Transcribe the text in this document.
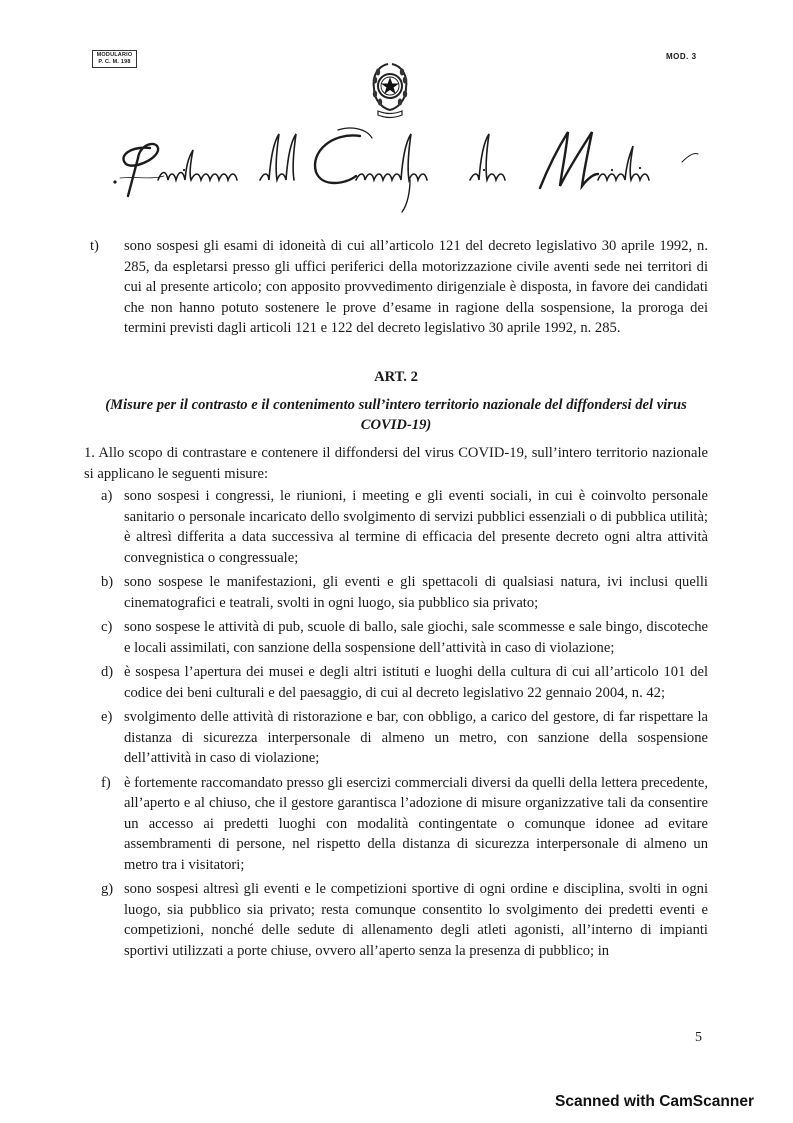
MODULARIO
P. C. M. 198
MOD. 3
t) sono sospesi gli esami di idoneità di cui all’articolo 121 del decreto legislativo 30 aprile 1992, n. 285, da espletarsi presso gli uffici periferici della motorizzazione civile aventi sede nei territori di cui al presente articolo; con apposito provvedimento dirigenziale è disposta, in favore dei candidati che non hanno potuto sostenere le prove d’esame in ragione della sospensione, la proroga dei termini previsti dagli articoli 121 e 122 del decreto legislativo 30 aprile 1992, n. 285.
ART. 2
(Misure per il contrasto e il contenimento sull’intero territorio nazionale del diffondersi del virus COVID-19)
1. Allo scopo di contrastare e contenere il diffondersi del virus COVID-19, sull’intero territorio nazionale si applicano le seguenti misure:
a) sono sospesi i congressi, le riunioni, i meeting e gli eventi sociali, in cui è coinvolto personale sanitario o personale incaricato dello svolgimento di servizi pubblici essenziali o di pubblica utilità; è altresì differita a data successiva al termine di efficacia del presente decreto ogni altra attività convegnistica o congressuale;
b) sono sospese le manifestazioni, gli eventi e gli spettacoli di qualsiasi natura, ivi inclusi quelli cinematografici e teatrali, svolti in ogni luogo, sia pubblico sia privato;
c) sono sospese le attività di pub, scuole di ballo, sale giochi, sale scommesse e sale bingo, discoteche e locali assimilati, con sanzione della sospensione dell’attività in caso di violazione;
d) è sospesa l’apertura dei musei e degli altri istituti e luoghi della cultura di cui all’articolo 101 del codice dei beni culturali e del paesaggio, di cui al decreto legislativo 22 gennaio 2004, n. 42;
e) svolgimento delle attività di ristorazione e bar, con obbligo, a carico del gestore, di far rispettare la distanza di sicurezza interpersonale di almeno un metro, con sanzione della sospensione dell’attività in caso di violazione;
f) è fortemente raccomandato presso gli esercizi commerciali diversi da quelli della lettera precedente, all’aperto e al chiuso, che il gestore garantisca l’adozione di misure organizzative tali da consentire un accesso ai predetti luoghi con modalità contingentate o comunque idonee ad evitare assembramenti di persone, nel rispetto della distanza di sicurezza interpersonale di almeno un metro tra i visitatori;
g) sono sospesi altresì gli eventi e le competizioni sportive di ogni ordine e disciplina, svolti in ogni luogo, sia pubblico sia privato; resta comunque consentito lo svolgimento dei predetti eventi e competizioni, nonché delle sedute di allenamento degli atleti agonisti, all’interno di impianti sportivi utilizzati a porte chiuse, ovvero all’aperto senza la presenza di pubblico; in
5
Scanned with CamScanner
